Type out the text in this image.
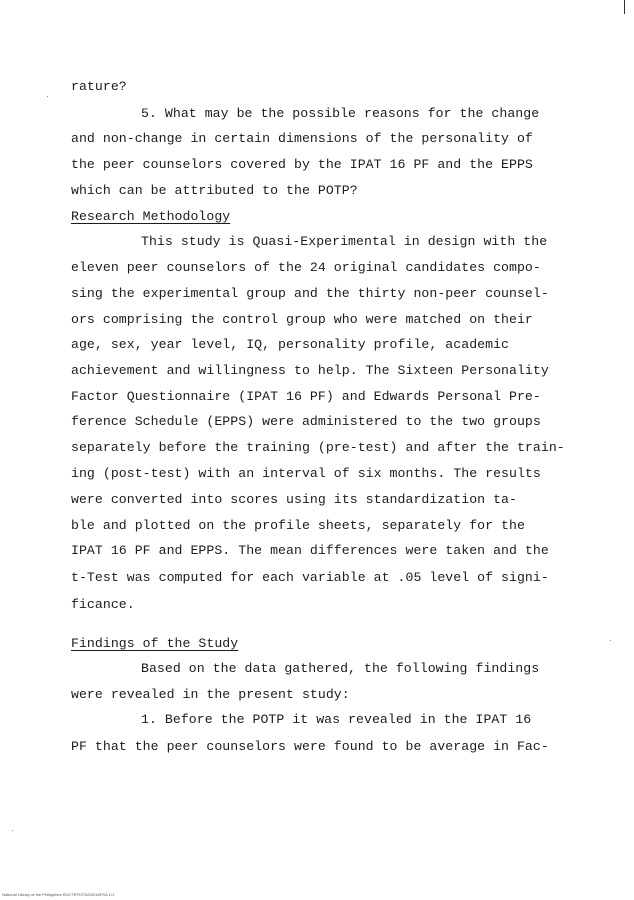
rature?
5. What may be the possible reasons for the change
and non-change in certain dimensions of the personality of
the peer counselors covered by the IPAT 16 PF and the EPPS
which can be attributed to the POTP?
Research Methodology
This study is Quasi-Experimental in design with the
eleven peer counselors of the 24 original candidates compo-
sing the experimental group and the thirty non-peer counsel-
ors comprising the control group who were matched on their
age, sex, year level, IQ, personality profile, academic
achievement and willingness to help. The Sixteen Personality
Factor Questionnaire (IPAT 16 PF) and Edwards Personal Pre-
ference Schedule (EPPS) were administered to the two groups
separately before the training (pre-test) and after the train-
ing (post-test) with an interval of six months. The results
were converted into scores using its standardization ta-
ble and plotted on the profile sheets, separately for the
IPAT 16 PF and EPPS. The mean differences were taken and the
t-Test was computed for each variable at .05 level of signi-
ficance.
Findings of the Study
Based on the data gathered, the following findings
were revealed in the present study:
1. Before the POTP it was revealed in the IPAT 16
PF that the peer counselors were found to be average in Fac-
National Library of the Philippines RUCTEPISTAO0016PSA 1/1
